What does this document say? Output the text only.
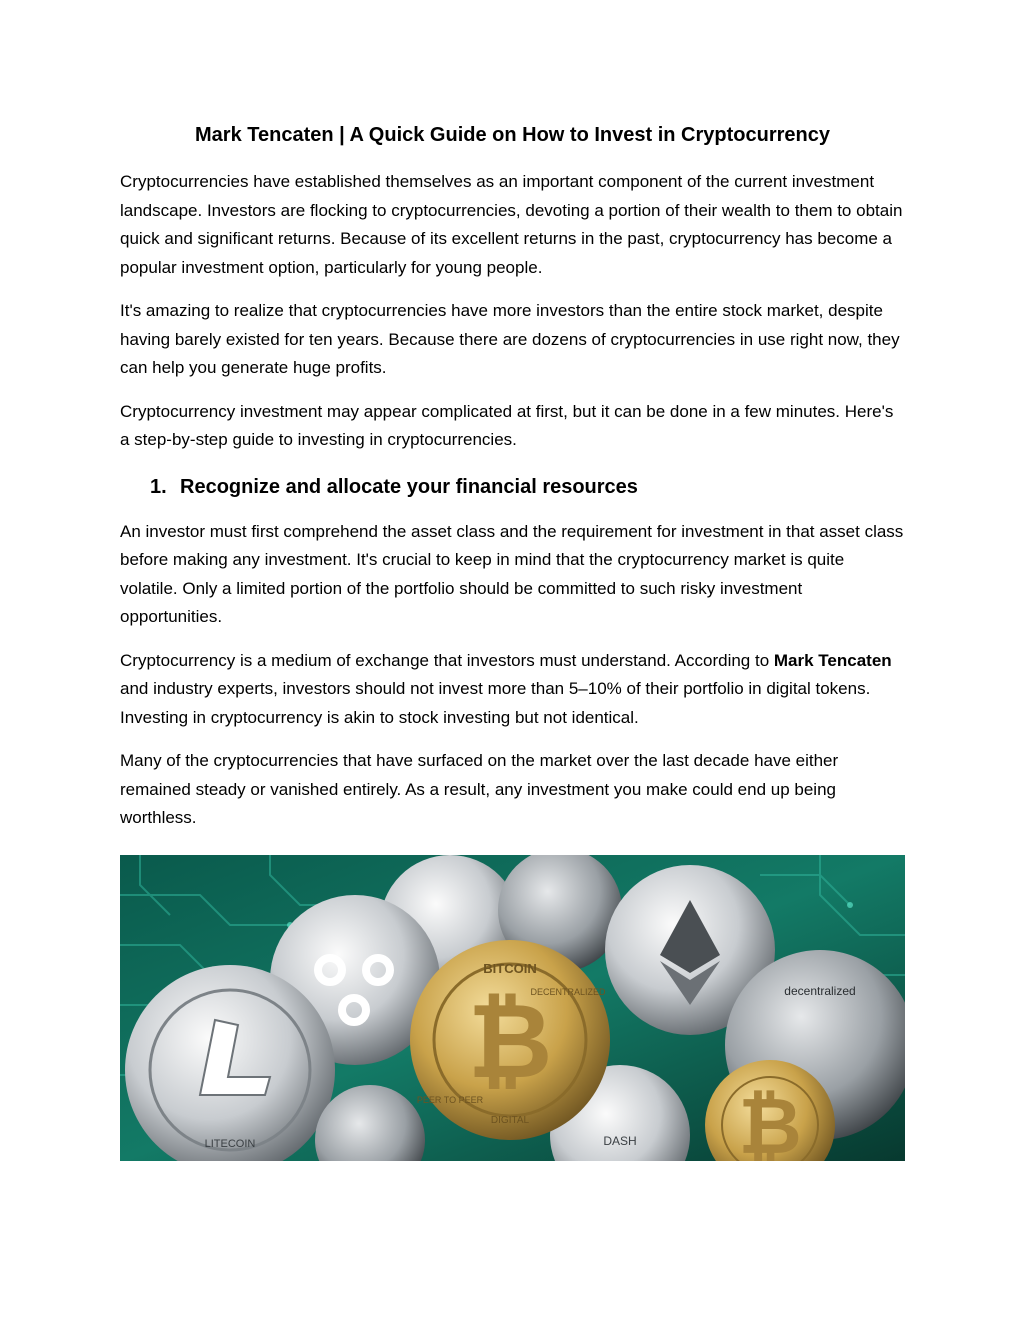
Mark Tencaten | A Quick Guide on How to Invest in Cryptocurrency

Cryptocurrencies have established themselves as an important component of the current investment landscape. Investors are flocking to cryptocurrencies, devoting a portion of their wealth to them to obtain quick and significant returns. Because of its excellent returns in the past, cryptocurrency has become a popular investment option, particularly for young people.

It's amazing to realize that cryptocurrencies have more investors than the entire stock market, despite having barely existed for ten years. Because there are dozens of cryptocurrencies in use right now, they can help you generate huge profits.

Cryptocurrency investment may appear complicated at first, but it can be done in a few minutes. Here's a step-by-step guide to investing in cryptocurrencies.

1. Recognize and allocate your financial resources

An investor must first comprehend the asset class and the requirement for investment in that asset class before making any investment. It's crucial to keep in mind that the cryptocurrency market is quite volatile. Only a limited portion of the portfolio should be committed to such risky investment opportunities.

Cryptocurrency is a medium of exchange that investors must understand. According to Mark Tencaten and industry experts, investors should not invest more than 5–10% of their portfolio in digital tokens. Investing in cryptocurrency is akin to stock investing but not identical.

Many of the cryptocurrencies that have surfaced on the market over the last decade have either remained steady or vanished entirely. As a result, any investment you make could end up being worthless.

decentralized
LITECOIN	DASH
₿
BITCOIN
DIGITAL
DECENTRALIZED
PEER TO PEER	₿
